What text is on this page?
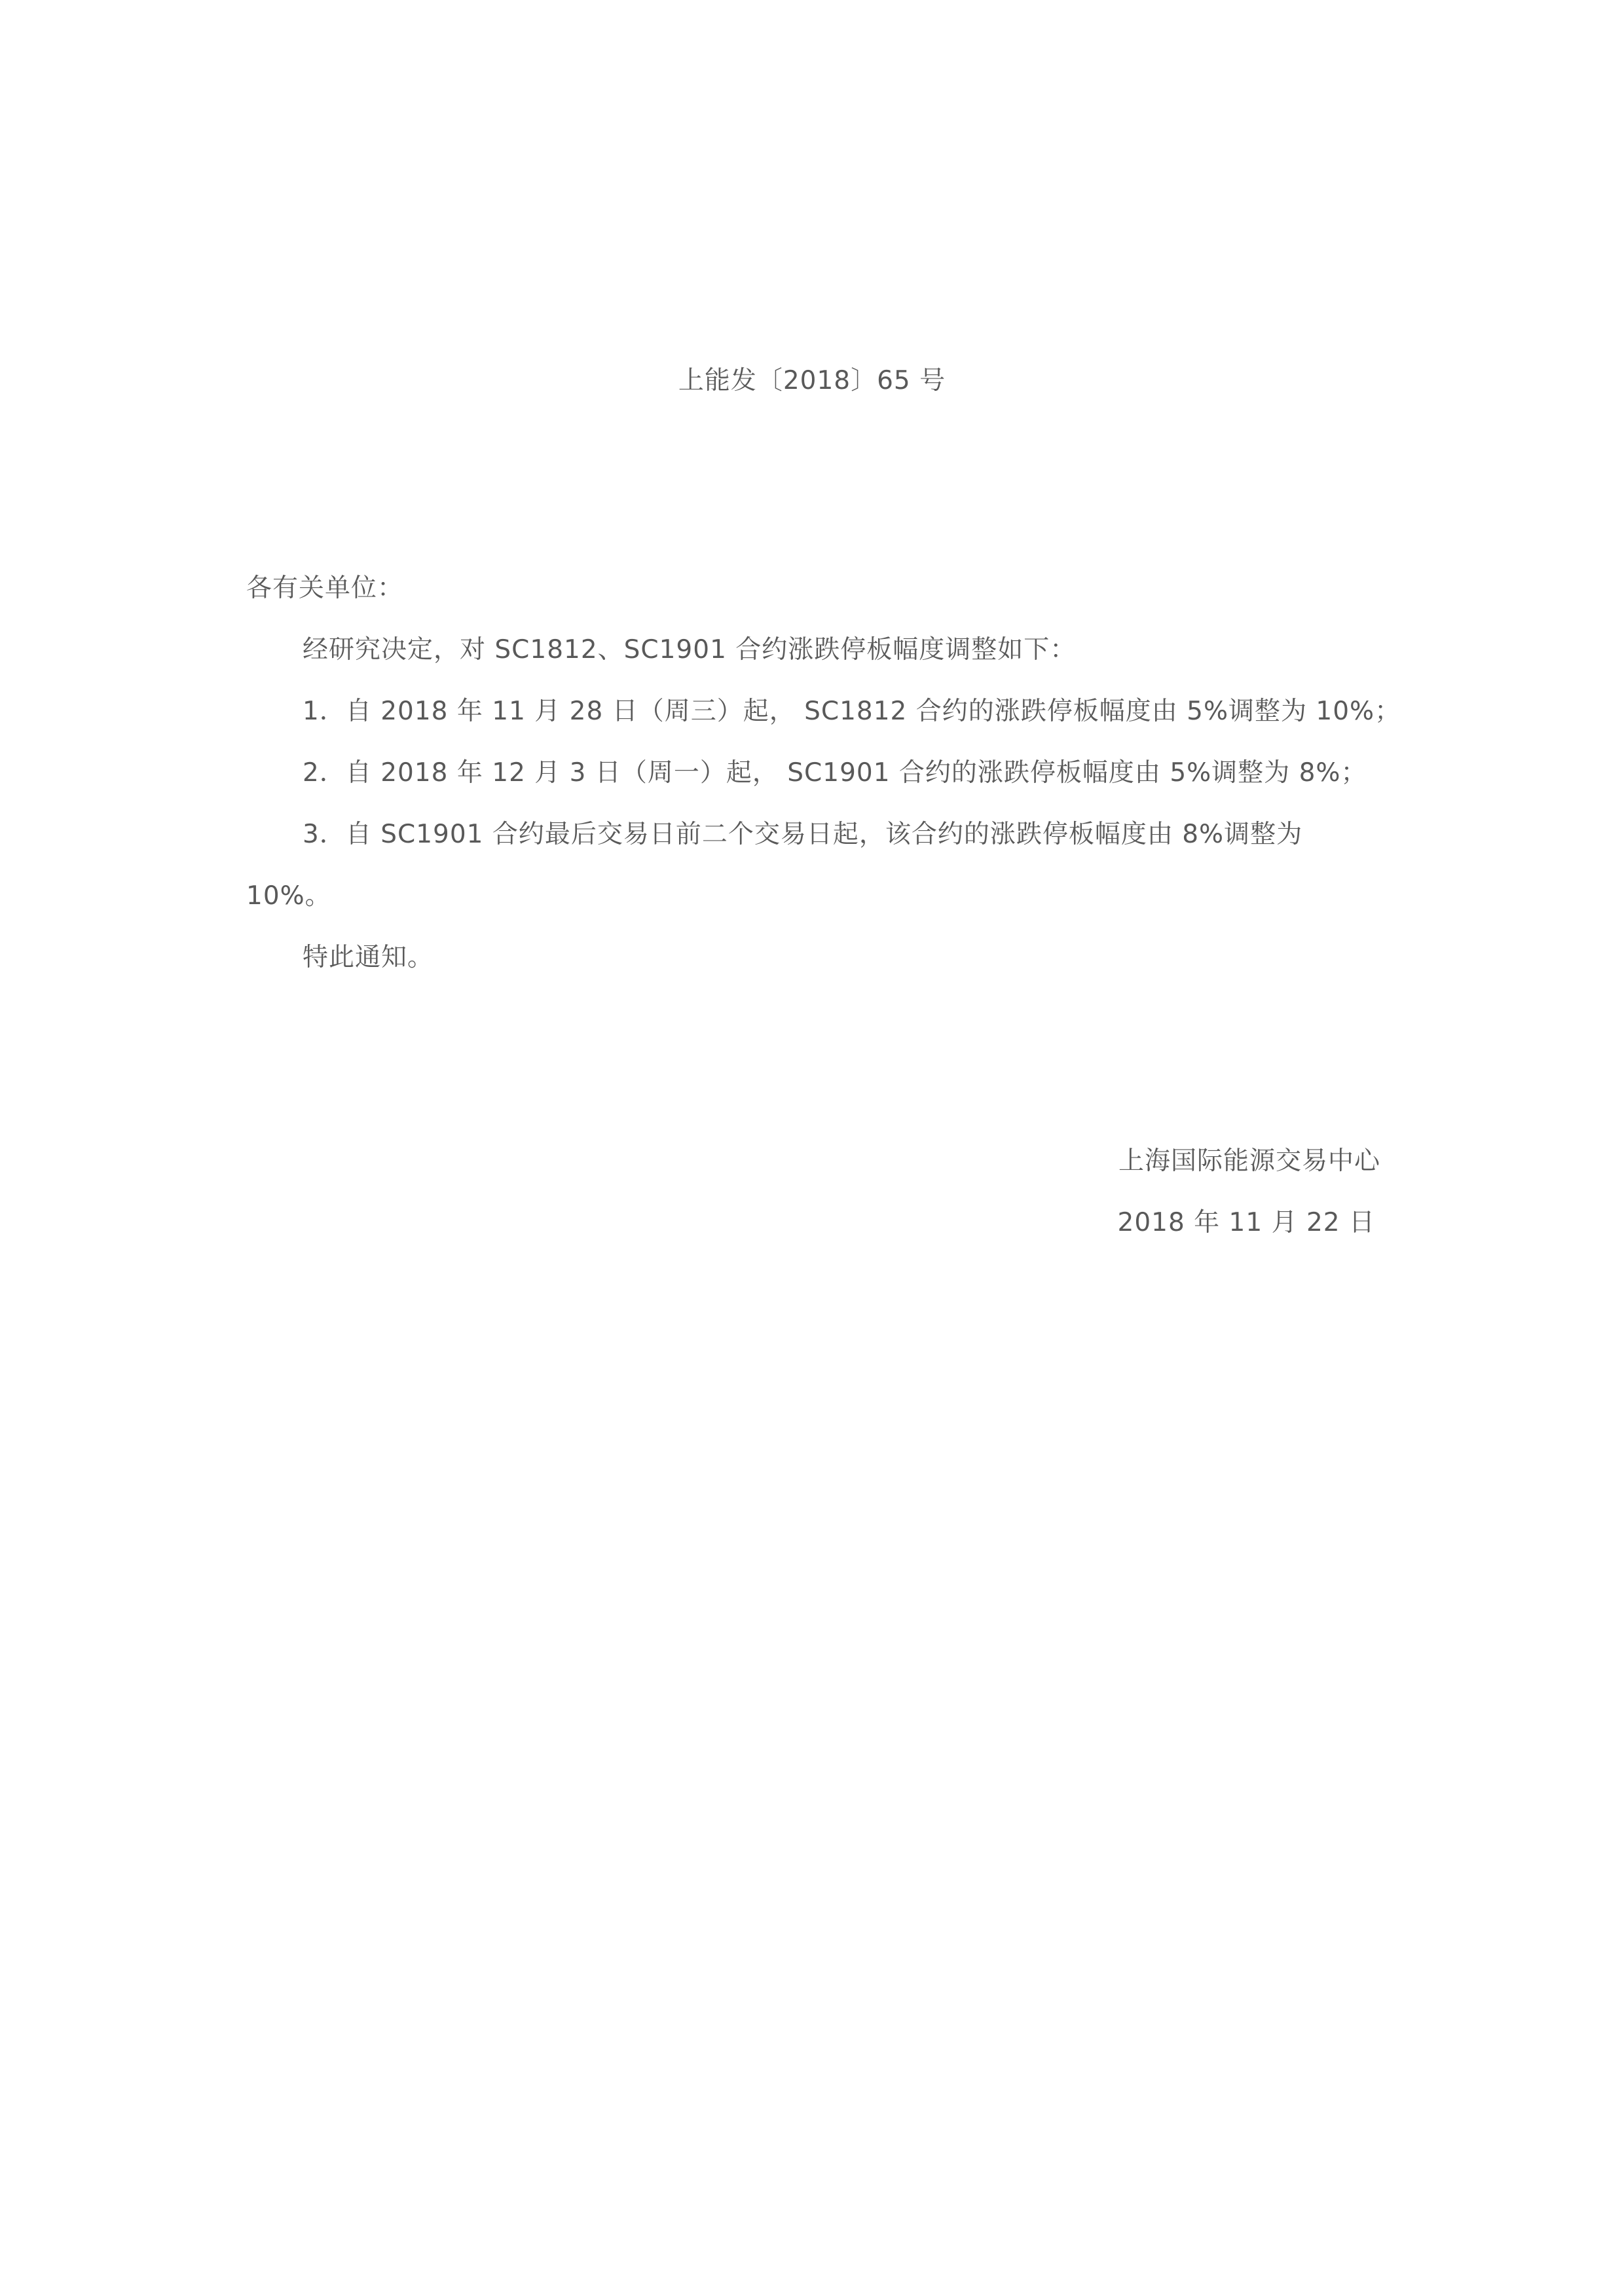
上能发〔2018〕65 号
各有关单位：
经研究决定，对 SC1812、SC1901 合约涨跌停板幅度调整如下：
1．自 2018 年 11 月 28 日（周三）起， SC1812 合约的涨跌停板幅度由 5%调整为 10%；
2．自 2018 年 12 月 3 日（周一）起， SC1901 合约的涨跌停板幅度由 5%调整为 8%；
3．自 SC1901 合约最后交易日前二个交易日起，该合约的涨跌停板幅度由 8%调整为
10%。
特此通知。
上海国际能源交易中心
2018 年 11 月 22 日
